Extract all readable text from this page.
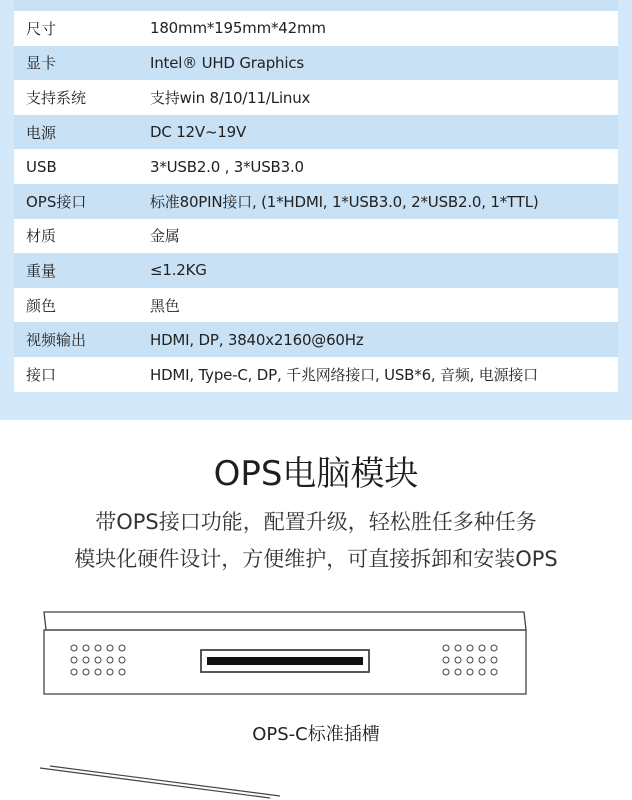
尺寸	180mm*195mm*42mm
显卡	Intel® UHD Graphics
支持系统	支持win 8/10/11/Linux
电源	DC 12V~19V
USB	3*USB2.0 , 3*USB3.0
OPS接口	标准80PIN接口, (1*HDMI, 1*USB3.0, 2*USB2.0, 1*TTL)
材质	金属
重量	≤1.2KG
颜色	黑色
视频输出	HDMI, DP, 3840x2160@60Hz
接口	HDMI, Type-C, DP, 千兆网络接口, USB*6, 音频, 电源接口
OPS电脑模块
带OPS接口功能，配置升级，轻松胜任多种任务
模块化硬件设计，方便维护，可直接拆卸和安装OPS
OPS-C标准插槽
